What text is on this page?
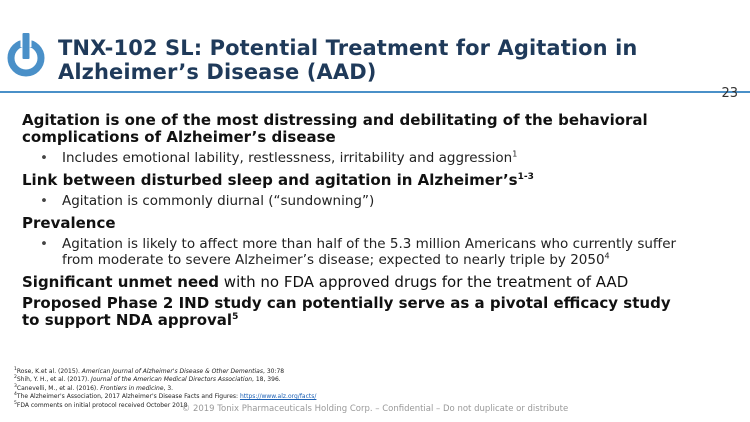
TNX-102 SL: Potential Treatment for Agitation in
Alzheimer’s Disease (AAD)
23
Agitation is one of the most distressing and debilitating of the behavioral
complications of Alzheimer’s disease
• Includes emotional lability, restlessness, irritability and aggression$^1$
Link between disturbed sleep and agitation in $Alzheimer’s^{1-3}$
• Agitation is commonly diurnal (“sundowning”)
Prevalence
• Agitation is likely to affect more than half of the 5.3 million Americans who currently suffer
from moderate to severe Alzheimer’s disease; expected to nearly triple by 2050$^4$
Significant unmet need with no FDA approved drugs for the treatment of AAD
Proposed Phase 2 IND study can potentially serve as a pivotal efficacy study
to support NDA approval$^5$
$^1$Rose, K.et al. (2015). American Journal of Alzheimer's Disease & Other Dementias, 30:78
$^2$Shih, Y. H., et al. (2017). Journal of the American Medical Directors Association, 18, 396.
$^3$Canevelli, M., et al. (2016). Frontiers in medicine, 3.
$^4$The Alzheimer's Association, 2017 Alzheimer's Disease Facts and Figures: https://www.alz.org/facts/
$^5$FDA comments on initial protocol received October 2018
© 2019 Tonix Pharmaceuticals Holding Corp. – Confidential – Do not duplicate or distribute
